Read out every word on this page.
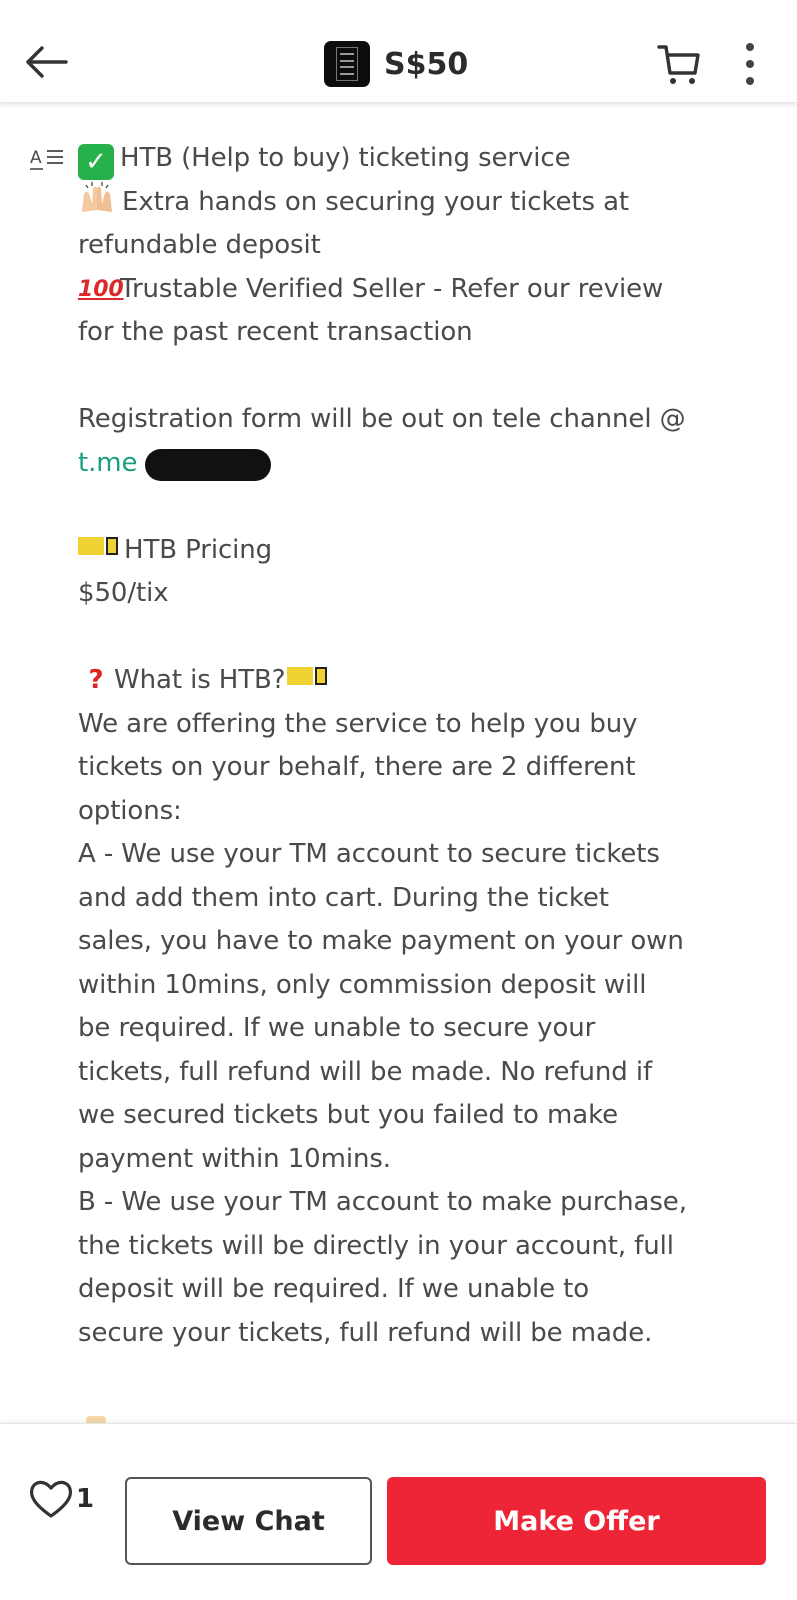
S$50
A ✓ HTB (Help to buy) ticketing service
Extra hands on securing your tickets at
refundable deposit
100Trustable Verified Seller - Refer our review
for the past recent transaction
Registration form will be out on tele channel @
t.me
HTB Pricing
$50/tix
? What is HTB?
We are offering the service to help you buy
tickets on your behalf, there are 2 different
options:
A - We use your TM account to secure tickets
and add them into cart. During the ticket
sales, you have to make payment on your own
within 10mins, only commission deposit will
be required. If we unable to secure your
tickets, full refund will be made. No refund if
we secured tickets but you failed to make
payment within 10mins.
B - We use your TM account to make purchase,
the tickets will be directly in your account, full
deposit will be required. If we unable to
secure your tickets, full refund will be made.
1
View Chat	Make Offer
